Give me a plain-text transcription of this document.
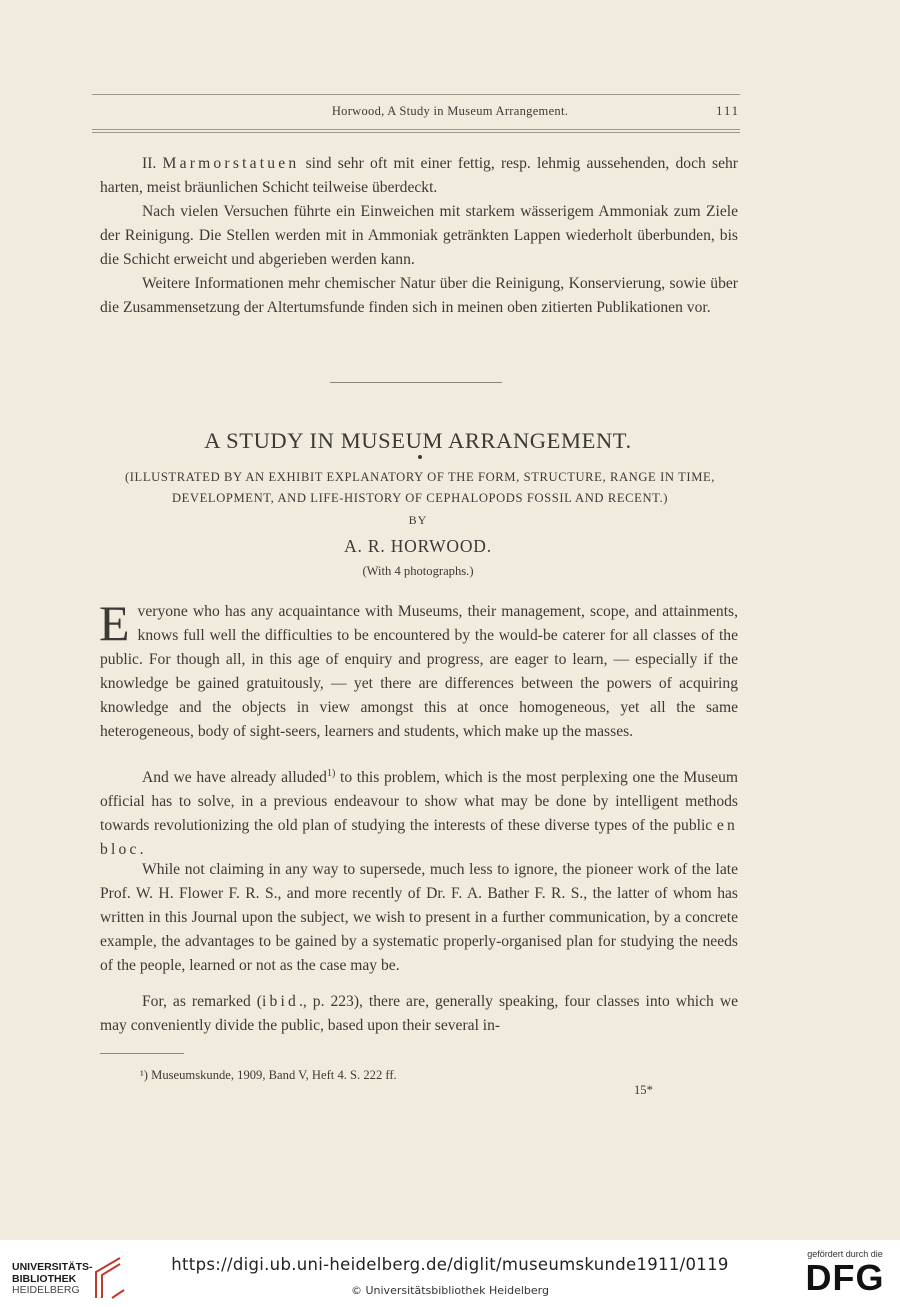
Horwood, A Study in Museum Arrangement.	111

II. Marmorstatuen sind sehr oft mit einer fettig, resp. lehmig aussehenden, doch sehr harten, meist bräunlichen Schicht teilweise überdeckt.

Nach vielen Versuchen führte ein Einweichen mit starkem wässerigem Ammoniak zum Ziele der Reinigung. Die Stellen werden mit in Ammoniak getränkten Lappen wiederholt überbunden, bis die Schicht erweicht und abgerieben werden kann.

Weitere Informationen mehr chemischer Natur über die Reinigung, Konservierung, sowie über die Zusammensetzung der Altertumsfunde finden sich in meinen oben zitierten Publikationen vor.

A STUDY IN MUSEUM ARRANGEMENT.
(ILLUSTRATED BY AN EXHIBIT EXPLANATORY OF THE FORM, STRUCTURE, RANGE IN TIME, DEVELOPMENT, AND LIFE-HISTORY OF CEPHALOPODS FOSSIL AND RECENT.)
BY
A. R. HORWOOD.
(With 4 photographs.)

Everyone who has any acquaintance with Museums, their management, scope, and attainments, knows full well the difficulties to be encountered by the would-be caterer for all classes of the public. For though all, in this age of enquiry and progress, are eager to learn, — especially if the knowledge be gained gratuitously, — yet there are differences between the powers of acquiring knowledge and the objects in view amongst this at once homogeneous, yet all the same heterogeneous, body of sight-seers, learners and students, which make up the masses.

And we have already alluded$^{1)}$ to this problem, which is the most perplexing one the Museum official has to solve, in a previous endeavour to show what may be done by intelligent methods towards revolutionizing the old plan of studying the interests of these diverse types of the public en bloc.

While not claiming in any way to supersede, much less to ignore, the pioneer work of the late Prof. W. H. Flower F. R. S., and more recently of Dr. F. A. Bather F. R. S., the latter of whom has written in this Journal upon the subject, we wish to present in a further communication, by a concrete example, the advantages to be gained by a systematic properly-organised plan for studying the needs of the people, learned or not as the case may be.

For, as remarked (ibid., p. 223), there are, generally speaking, four classes into which we may conveniently divide the public, based upon their several in-

¹) Museumskunde, 1909, Band V, Heft 4. S. 222 ff.
15*
UNIVERSITÄTS-
BIBLIOTHEK
HEIDELBERG
https://digi.ub.uni-heidelberg.de/diglit/museumskunde1911/0119
© Universitätsbibliothek Heidelberg
gefördert durch die
DFG
